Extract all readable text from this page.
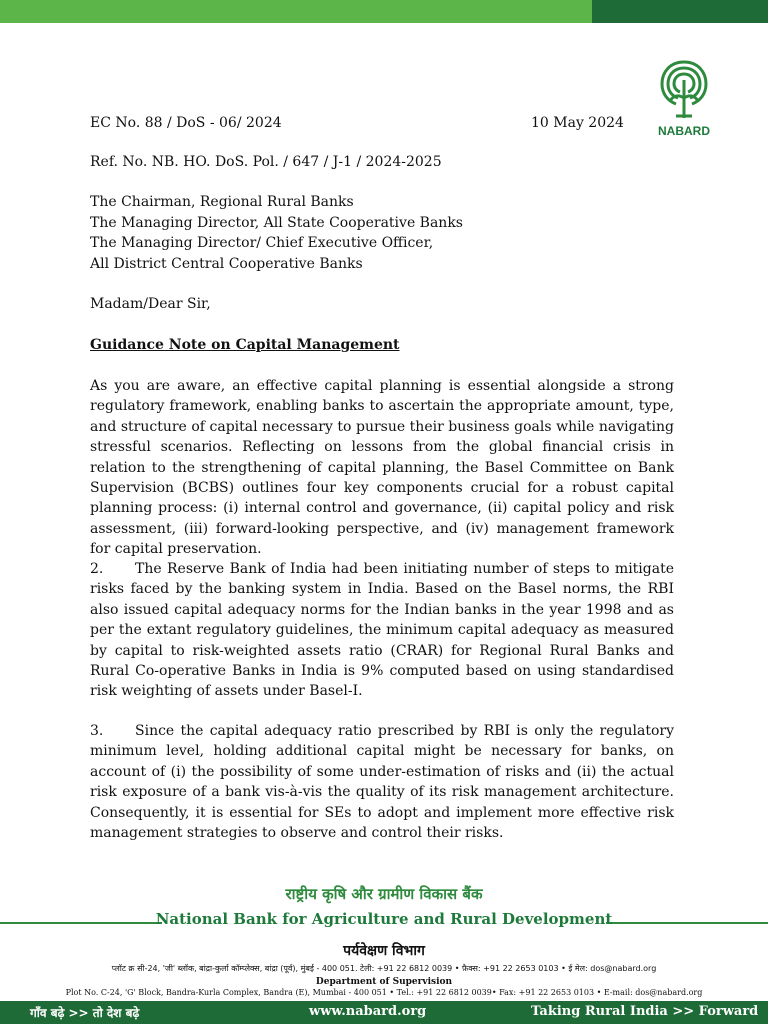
NABARD
EC No. 88 / DoS - 06/ 2024	10 May 2024
Ref. No. NB. HO. DoS. Pol. / 647 / J-1 / 2024-2025
The Chairman, Regional Rural Banks
The Managing Director, All State Cooperative Banks
The Managing Director/ Chief Executive Officer,
All District Central Cooperative Banks
Madam/Dear Sir,
Guidance Note on Capital Management
As you are aware, an effective capital planning is essential alongside a strong regulatory framework, enabling banks to ascertain the appropriate amount, type, and structure of capital necessary to pursue their business goals while navigating stressful scenarios. Reflecting on lessons from the global financial crisis in relation to the strengthening of capital planning, the Basel Committee on Bank Supervision (BCBS) outlines four key components crucial for a robust capital planning process: (i) internal control and governance, (ii) capital policy and risk assessment, (iii) forward-looking perspective, and (iv) management framework for capital preservation.
2. The Reserve Bank of India had been initiating number of steps to mitigate risks faced by the banking system in India. Based on the Basel norms, the RBI also issued capital adequacy norms for the Indian banks in the year 1998 and as per the extant regulatory guidelines, the minimum capital adequacy as measured by capital to risk-weighted assets ratio (CRAR) for Regional Rural Banks and Rural Co-operative Banks in India is 9% computed based on using standardised risk weighting of assets under Basel-I.
3. Since the capital adequacy ratio prescribed by RBI is only the regulatory minimum level, holding additional capital might be necessary for banks, on account of (i) the possibility of some under-estimation of risks and (ii) the actual risk exposure of a bank vis-à-vis the quality of its risk management architecture. Consequently, it is essential for SEs to adopt and implement more effective risk management strategies to observe and control their risks.
राष्ट्रीय कृषि और ग्रामीण विकास बैंक
National Bank for Agriculture and Rural Development
पर्यवेक्षण विभाग
प्लॉट क्र सी-24, 'जी' ब्लॉक, बांद्रा-कुर्ला कॉम्प्लेक्स, बांद्रा (पूर्व), मुंबई - 400 051. टेली: +91 22 6812 0039 • फ़ैक्स: +91 22 2653 0103 • ई मेल: dos@nabard.org
Department of Supervision
Plot No. C-24, 'G' Block, Bandra-Kurla Complex, Bandra (E), Mumbai - 400 051 • Tel.: +91 22 6812 0039• Fax: +91 22 2653 0103 • E-mail: dos@nabard.org
गाँव बढ़े >> तो देश बढ़े	www.nabard.org	Taking Rural India >> Forward
